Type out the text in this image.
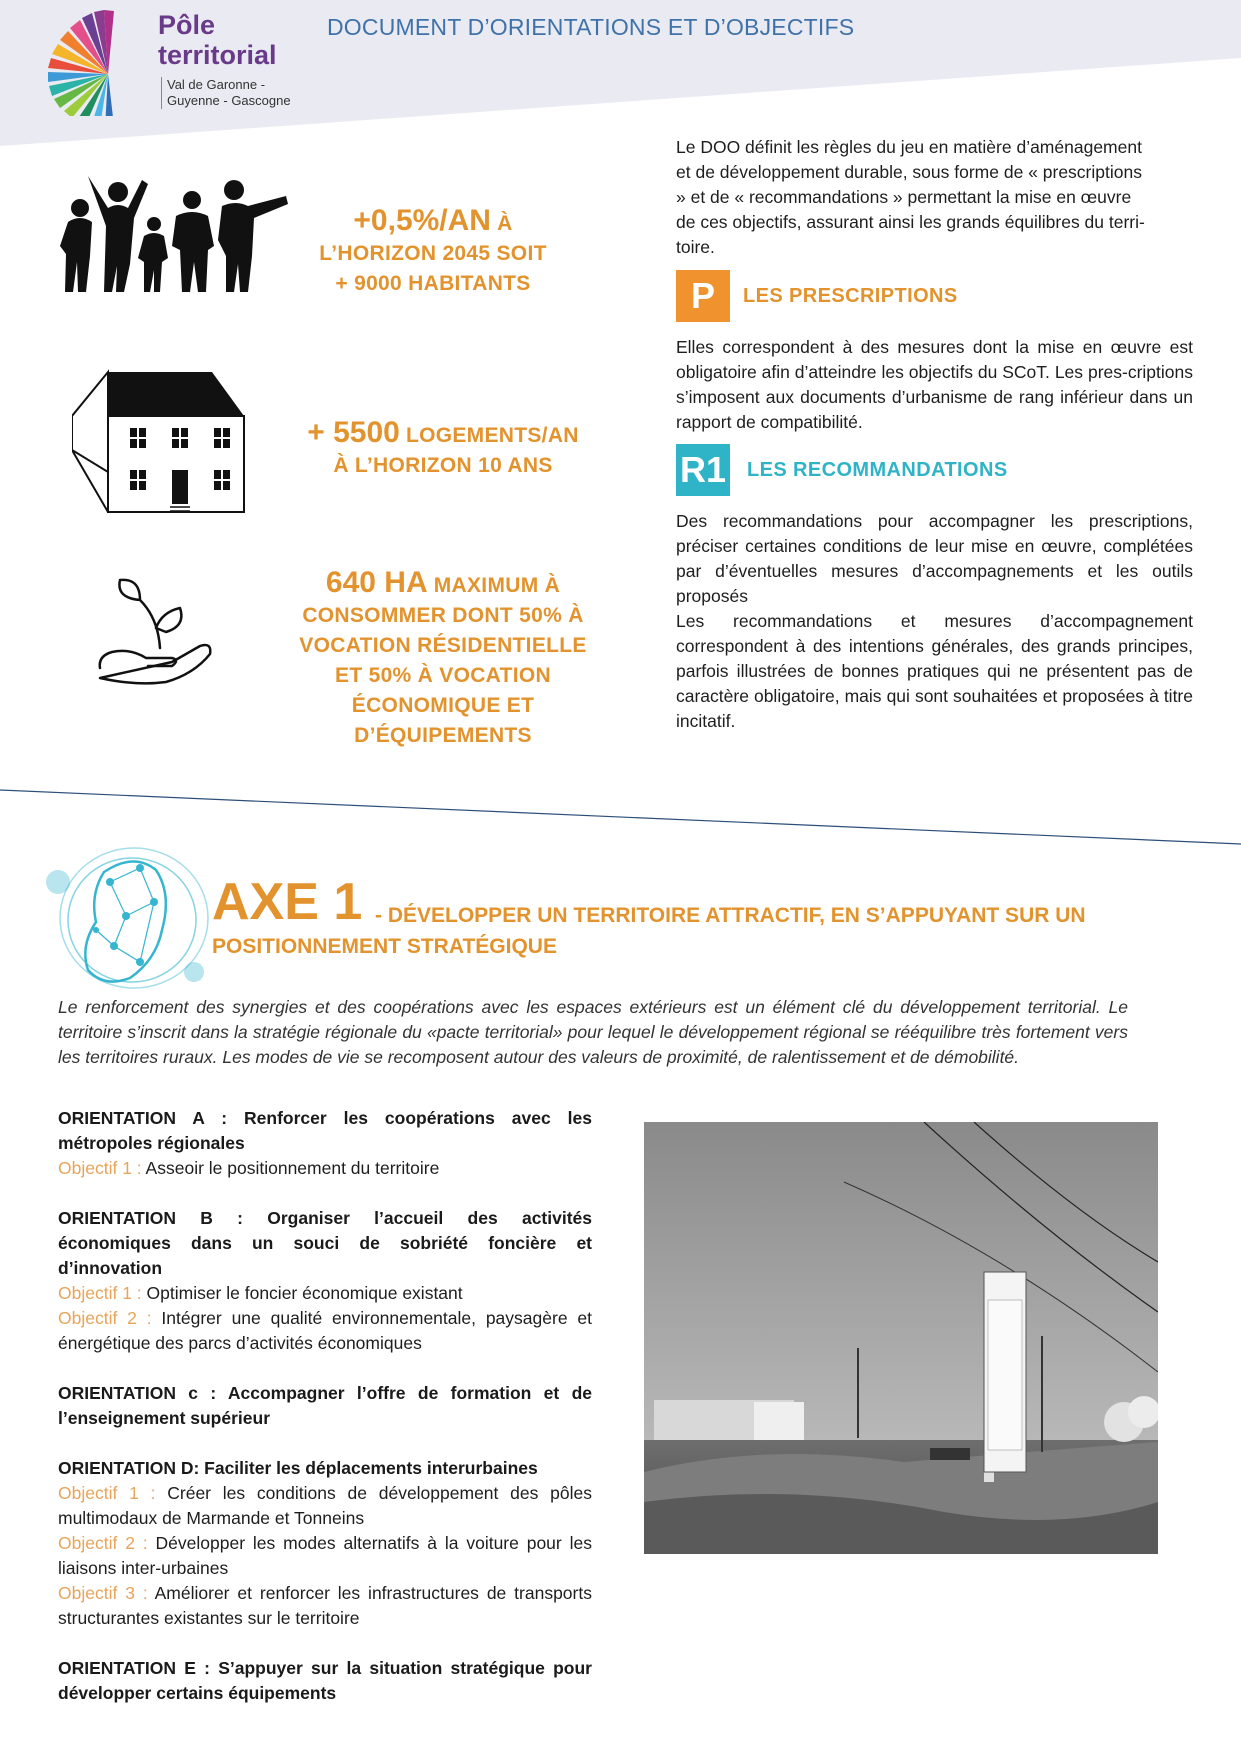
Pôle
territorial
Val de Garonne -
Guyenne - Gascogne
DOCUMENT D’ORIENTATIONS ET D’OBJECTIFS
+0,5%/AN À
L’HORIZON 2045 SOIT
+ 9000 HABITANTS
+ 5500 LOGEMENTS/AN
À L’HORIZON 10 ANS
640 HA MAXIMUM À
CONSOMMER DONT 50% À
VOCATION RÉSIDENTIELLE
ET 50% À VOCATION
ÉCONOMIQUE ET
D’ÉQUIPEMENTS
Le DOO définit les règles du jeu en matière d’aménagement
et de développement durable, sous forme de « prescriptions
» et de « recommandations » permettant la mise en œuvre
de ces objectifs, assurant ainsi les grands équilibres du terri-
toire.
P	LES PRESCRIPTIONS
Elles correspondent à des mesures dont la mise en œuvre est obligatoire afin d’atteindre les objectifs du SCoT. Les pres-criptions s’imposent aux documents d’urbanisme de rang inférieur dans un rapport de compatibilité.
R1 LES RECOMMANDATIONS
Des recommandations pour accompagner les prescriptions, préciser certaines conditions de leur mise en œuvre, complétées par d’éventuelles mesures d’accompagnements et les outils proposés
Les recommandations et mesures d’accompagnement correspondent à des intentions générales, des grands principes, parfois illustrées de bonnes pratiques qui ne présentent pas de caractère obligatoire, mais qui sont souhaitées et proposées à titre incitatif.
AXE 1 - DÉVELOPPER UN TERRITOIRE ATTRACTIF, EN S’APPUYANT SUR UN POSITIONNEMENT STRATÉGIQUE
Le renforcement des synergies et des coopérations avec les espaces extérieurs est un élément clé du développement territorial. Le territoire s’inscrit dans la stratégie régionale du «pacte territorial» pour lequel le développement régional se rééquilibre très fortement vers les territoires ruraux. Les modes de vie se recomposent autour des valeurs de proximité, de ralentissement et de démobilité.
ORIENTATION A : Renforcer les coopérations avec les métropoles régionales
Objectif 1 : Asseoir le positionnement du territoire
ORIENTATION B : Organiser l’accueil des activités économiques dans un souci de sobriété foncière et d’innovation
Objectif 1 : Optimiser le foncier économique existant
Objectif 2 : Intégrer une qualité environnementale, paysagère et énergétique des parcs d’activités économiques
ORIENTATION c : Accompagner l’offre de formation et de l’enseignement supérieur
ORIENTATION D: Faciliter les déplacements interurbaines
Objectif 1 : Créer les conditions de développement des pôles multimodaux de Marmande et Tonneins
Objectif 2 : Développer les modes alternatifs à la voiture pour les liaisons inter-urbaines
Objectif 3 : Améliorer et renforcer les infrastructures de transports structurantes existantes sur le territoire
ORIENTATION E : S’appuyer sur la situation stratégique pour développer certains équipements
